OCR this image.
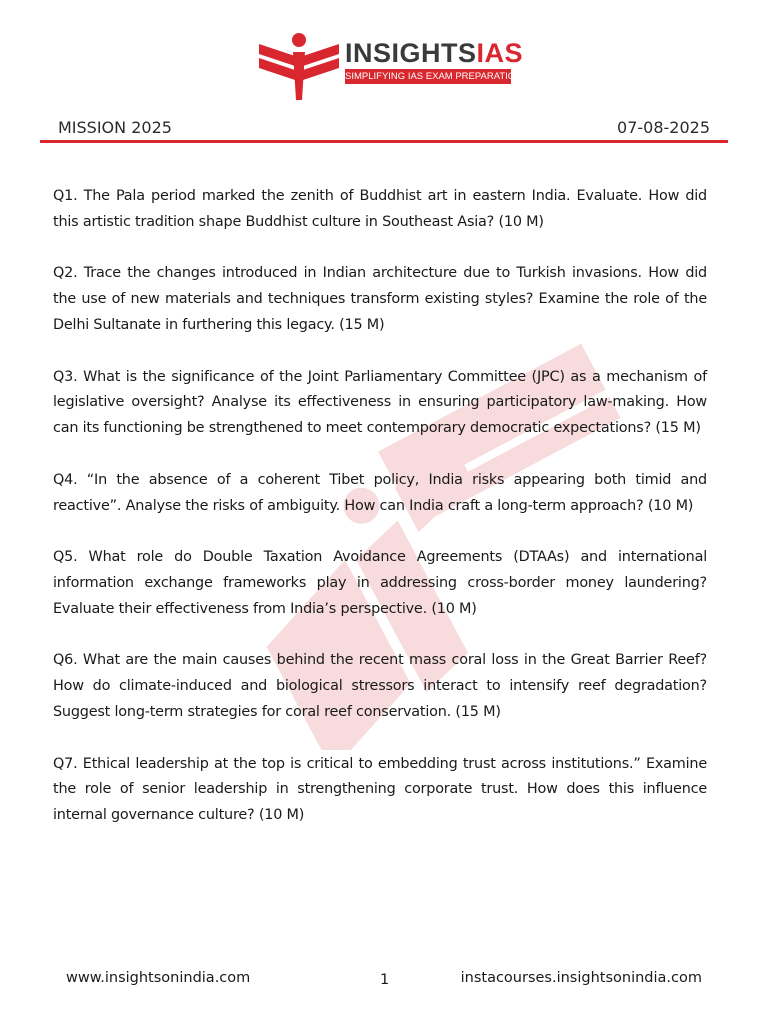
INSIGHTSIAS
SIMPLIFYING IAS EXAM PREPARATION
MISSION 2025	07-08-2025
Q1. The Pala period marked the zenith of Buddhist art in eastern India. Evaluate. How did this artistic tradition shape Buddhist culture in Southeast Asia? (10 M)
Q2. Trace the changes introduced in Indian architecture due to Turkish invasions. How did the use of new materials and techniques transform existing styles? Examine the role of the Delhi Sultanate in furthering this legacy. (15 M)
Q3. What is the significance of the Joint Parliamentary Committee (JPC) as a mechanism of legislative oversight? Analyse its effectiveness in ensuring participatory law-making. How can its functioning be strengthened to meet contemporary democratic expectations? (15 M)
Q4. “In the absence of a coherent Tibet policy, India risks appearing both timid and reactive”. Analyse the risks of ambiguity. How can India craft a long-term approach? (10 M)
Q5. What role do Double Taxation Avoidance Agreements (DTAAs) and international information exchange frameworks play in addressing cross-border money laundering? Evaluate their effectiveness from India’s perspective. (10 M)
Q6. What are the main causes behind the recent mass coral loss in the Great Barrier Reef? How do climate-induced and biological stressors interact to intensify reef degradation? Suggest long-term strategies for coral reef conservation. (15 M)
Q7. Ethical leadership at the top is critical to embedding trust across institutions.” Examine the role of senior leadership in strengthening corporate trust. How does this influence internal governance culture? (10 M)
www.insightsonindia.com	1	instacourses.insightsonindia.com
